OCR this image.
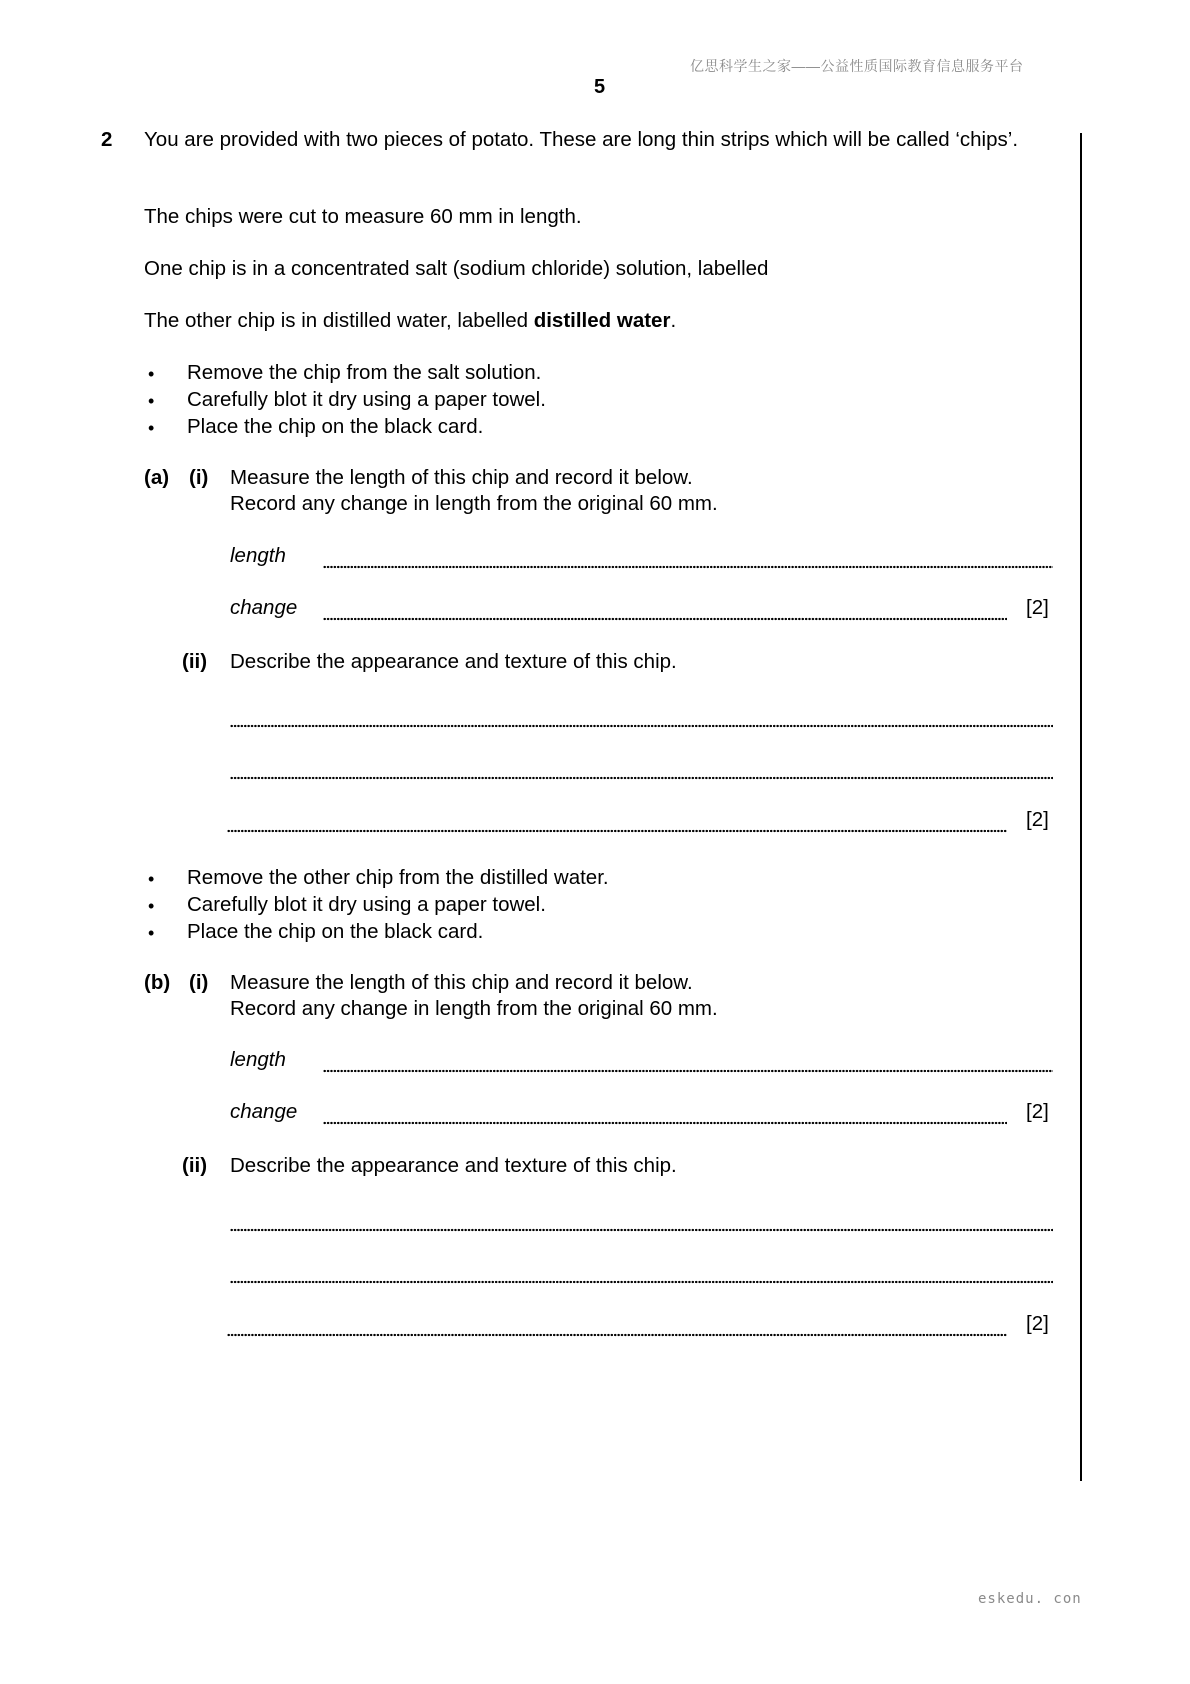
亿思科学生之家——公益性质国际教育信息服务平台
5
2 You are provided with two pieces of potato. These are long thin strips which will be called ‘chips’.
The chips were cut to measure 60 mm in length.
One chip is in a concentrated salt (sodium chloride) solution, labelled
The other chip is in distilled water, labelled distilled water.
• Remove the chip from the salt solution.
• Carefully blot it dry using a paper towel.
• Place the chip on the black card.
(a) (i) Measure the length of this chip and record it below.
Record any change in length from the original 60 mm.
length
change	[2]
(ii) Describe the appearance and texture of this chip.
[2]
• Remove the other chip from the distilled water.
• Carefully blot it dry using a paper towel.
• Place the chip on the black card.
(b) (i) Measure the length of this chip and record it below.
Record any change in length from the original 60 mm.
length
change	[2]
(ii) Describe the appearance and texture of this chip.
[2]
eskedu. con
